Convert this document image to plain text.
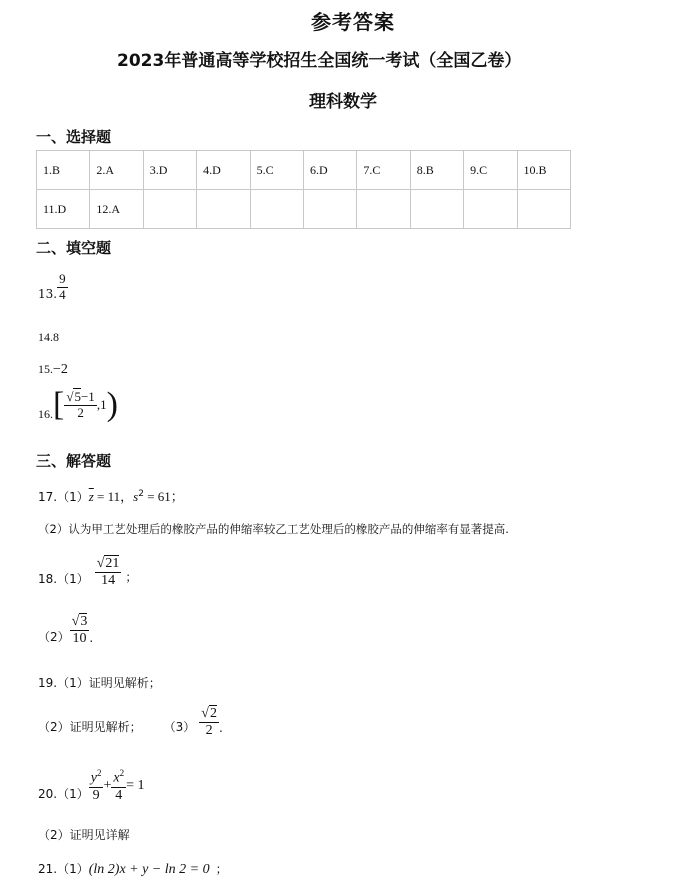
参考答案
2023年普通高等学校招生全国统一考试（全国乙卷）
理科数学
一、选择题
1.B	2.A	3.D	4.D	5.C	6.D	7.C	8.B	9.C	10.B
11.D	12.A								
二、填空题
13. $\frac{9}{4}$
14.8
15.−2
$16.[ \frac{√5-1}{2} ,1)$
三、解答题
$17.(1)\overline{z} = 11$，$s^2 = 61$；
（2）认为甲工艺处理后的橡胶产品的伸缩率较乙工艺处理后的橡胶产品的伸缩率有显著提高.
$18.(1) \frac{√21}{14}$ ；
$(2) \frac{√3}{10}$ .
19.（1）证明见解析；
（2）证明见解析； $(3) \frac{√2}{2}$ .
$20.(1) \frac{y^2}{9} + \frac{x^2}{4} = 1$
（2）证明见详解
21.（1）(ln 2)x + y − ln 2 = 0 ；
